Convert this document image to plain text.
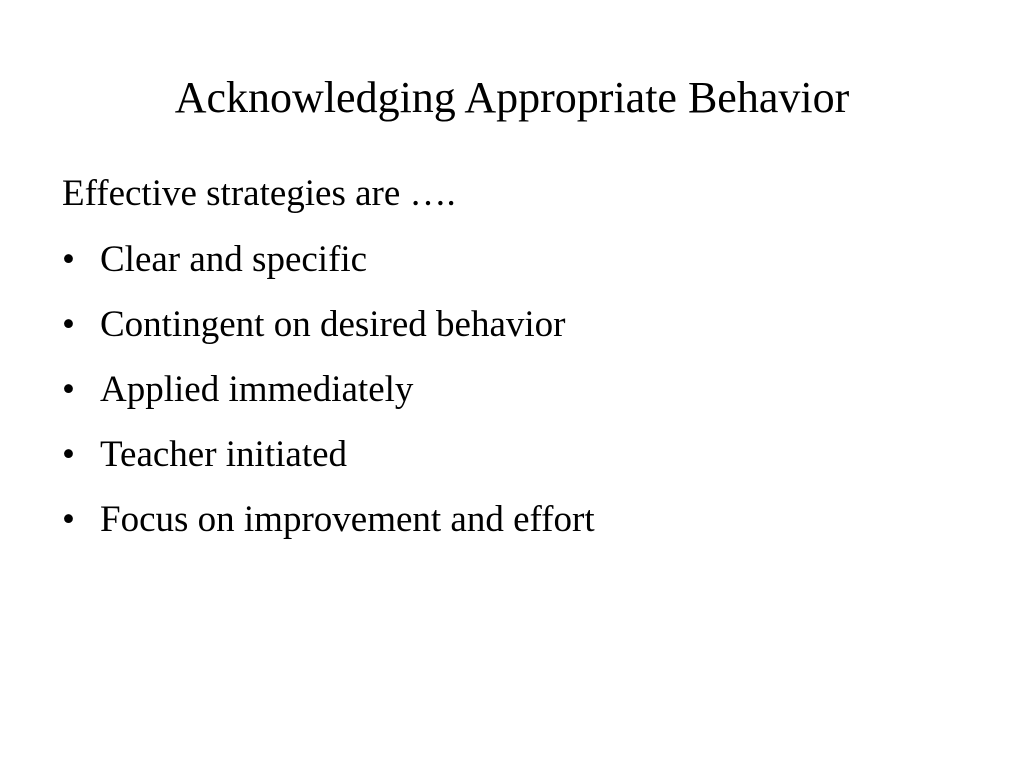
Acknowledging Appropriate Behavior

Effective strategies are ….

• Clear and specific
• Contingent on desired behavior
• Applied immediately
• Teacher initiated
• Focus on improvement and effort
